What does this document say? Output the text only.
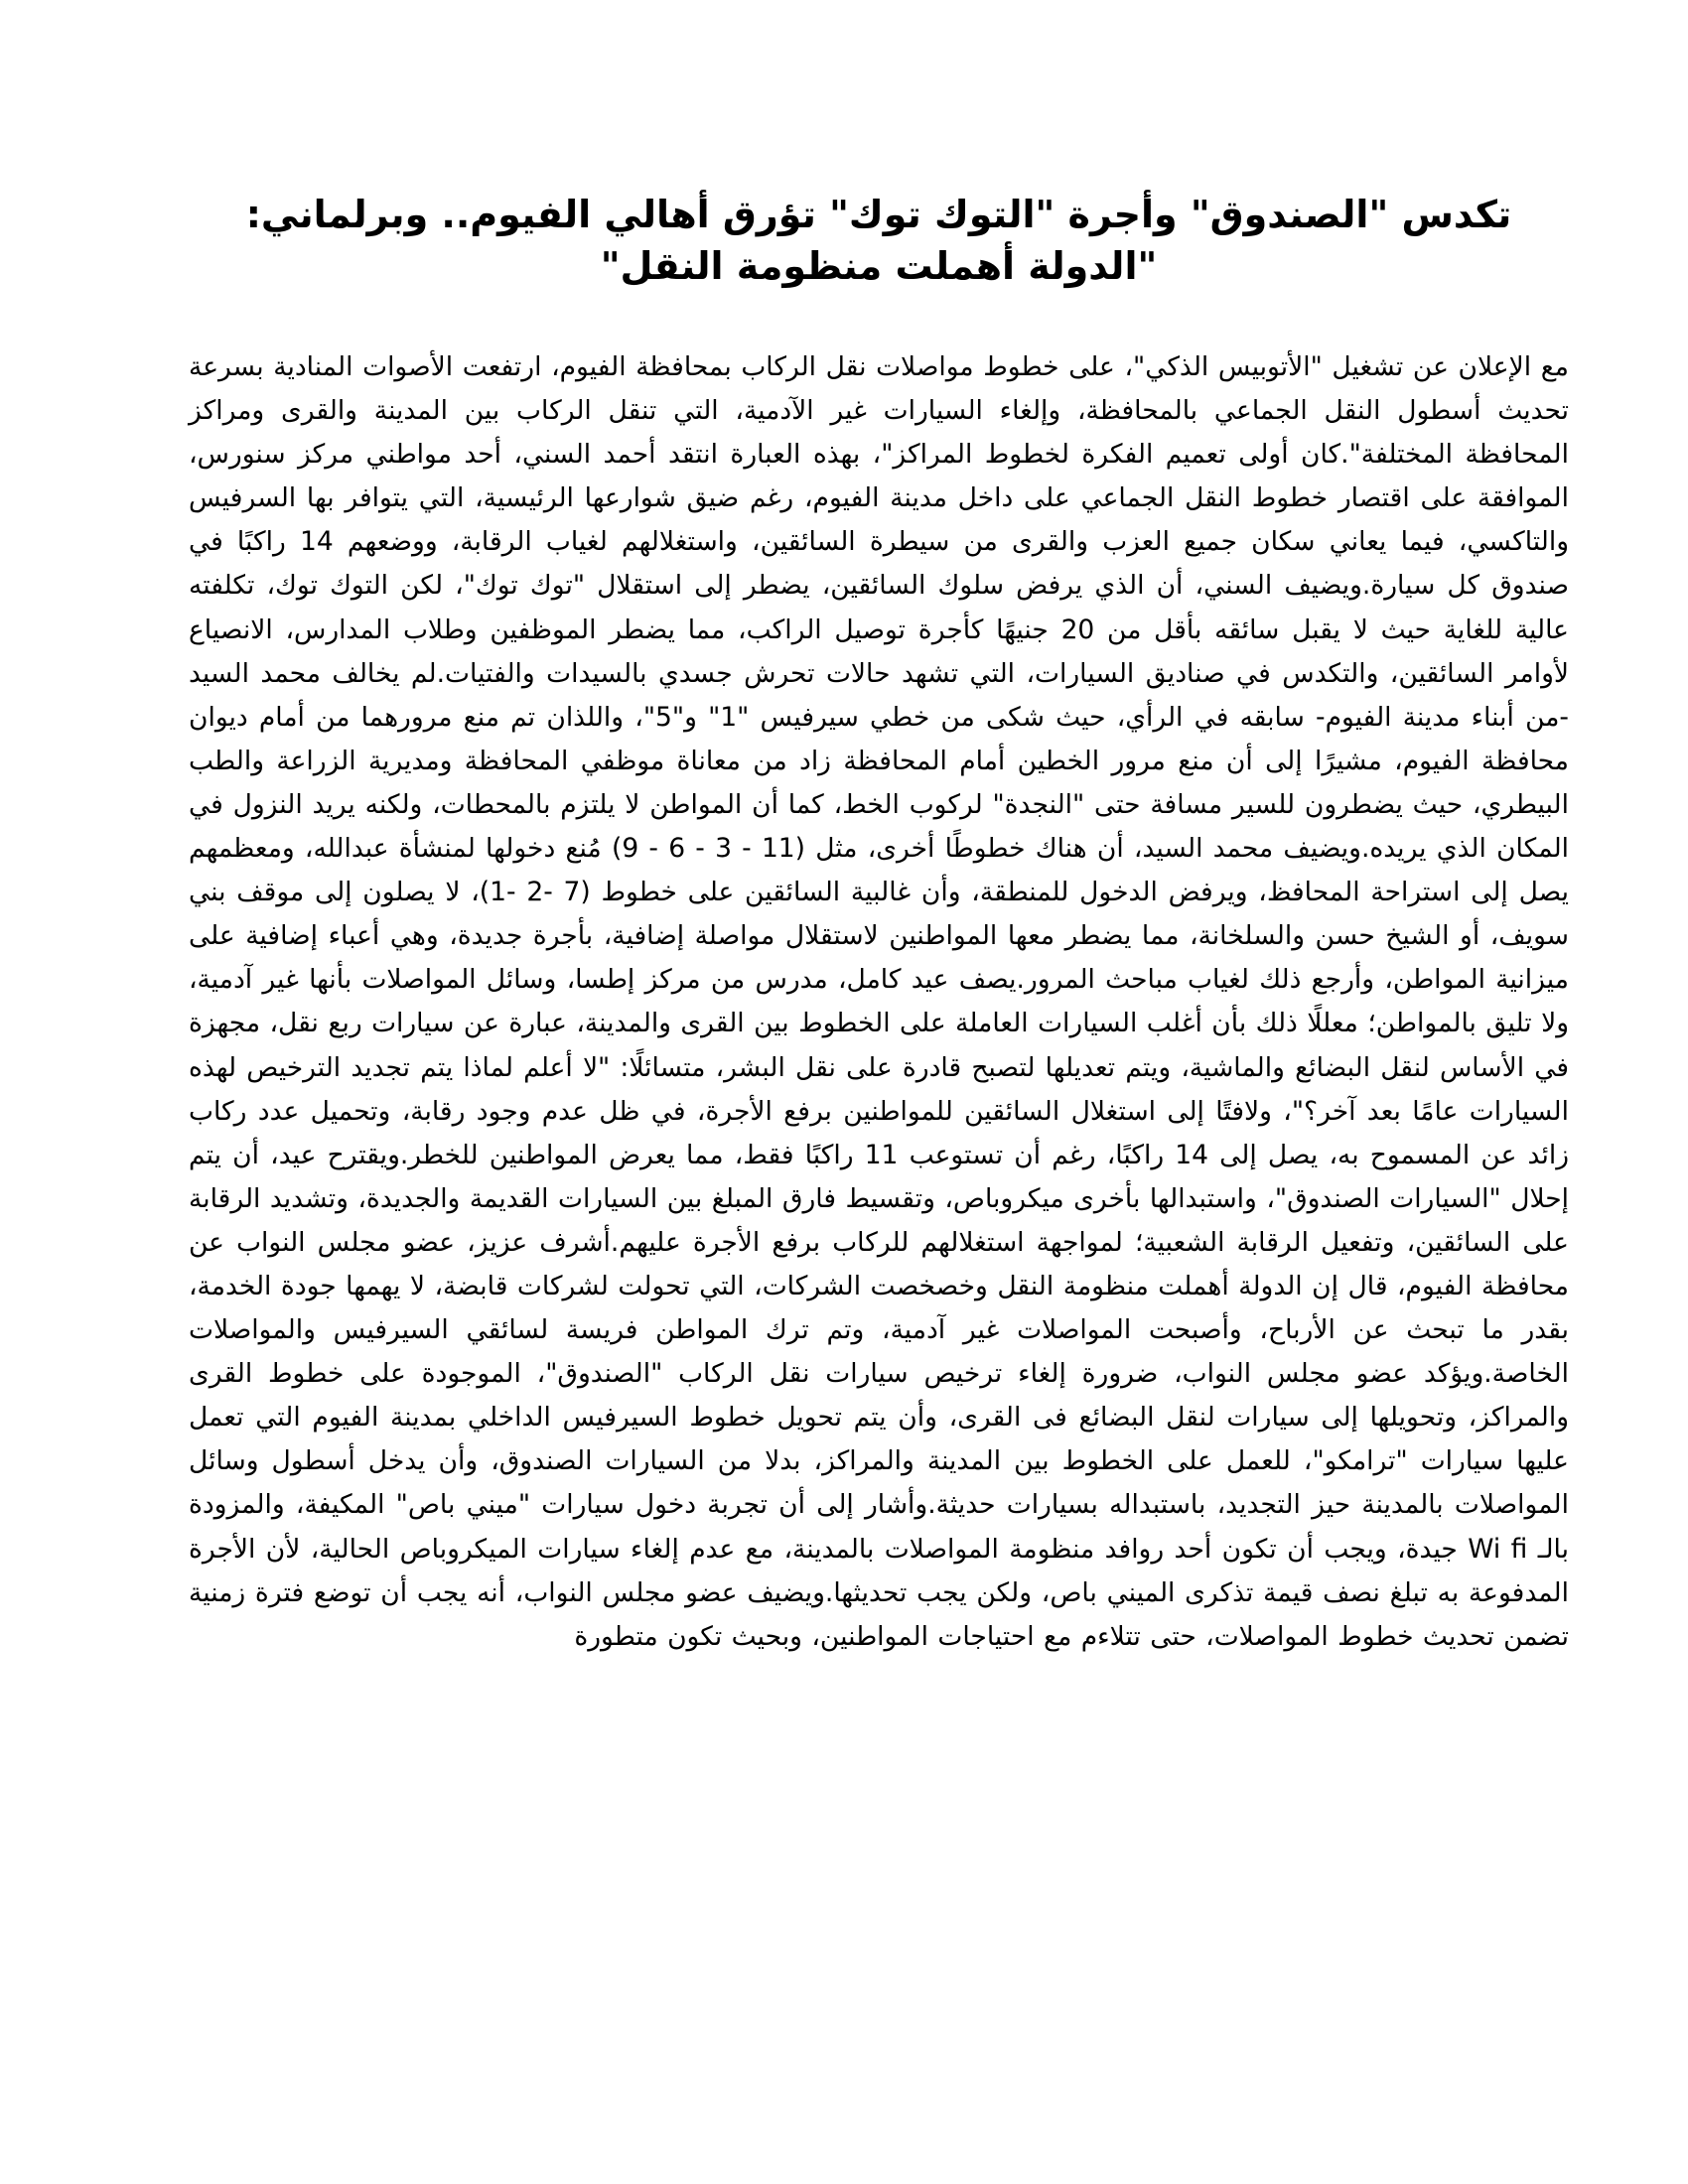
تكدس "الصندوق" وأجرة "التوك توك" تؤرق أهالي الفيوم.. وبرلماني: "الدولة أهملت منظومة النقل"

مع الإعلان عن تشغيل "الأتوبيس الذكي"، على خطوط مواصلات نقل الركاب بمحافظة الفيوم، ارتفعت الأصوات المنادية بسرعة تحديث أسطول النقل الجماعي بالمحافظة، وإلغاء السيارات غير الآدمية، التي تنقل الركاب بين المدينة والقرى ومراكز المحافظة المختلفة".كان أولى تعميم الفكرة لخطوط المراكز"، بهذه العبارة انتقد أحمد السني، أحد مواطني مركز سنورس، الموافقة على اقتصار خطوط النقل الجماعي على داخل مدينة الفيوم، رغم ضيق شوارعها الرئيسية، التي يتوافر بها السرفيس والتاكسي، فيما يعاني سكان جميع العزب والقرى من سيطرة السائقين، واستغلالهم لغياب الرقابة، ووضعهم 14 راكبًا في صندوق كل سيارة.ويضيف السني، أن الذي يرفض سلوك السائقين، يضطر إلى استقلال "توك توك"، لكن التوك توك، تكلفته عالية للغاية حيث لا يقبل سائقه بأقل من 20 جنيهًا كأجرة توصيل الراكب، مما يضطر الموظفين وطلاب المدارس، الانصياع لأوامر السائقين، والتكدس في صناديق السيارات، التي تشهد حالات تحرش جسدي بالسيدات والفتيات.لم يخالف محمد السيد -من أبناء مدينة الفيوم- سابقه في الرأي، حيث شكى من خطي سيرفيس "1" و"5"، واللذان تم منع مرورهما من أمام ديوان محافظة الفيوم، مشيرًا إلى أن منع مرور الخطين أمام المحافظة زاد من معاناة موظفي المحافظة ومديرية الزراعة والطب البيطري، حيث يضطرون للسير مسافة حتى "النجدة" لركوب الخط، كما أن المواطن لا يلتزم بالمحطات، ولكنه يريد النزول في المكان الذي يريده.ويضيف محمد السيد، أن هناك خطوطًا أخرى، مثل (11 - 3 - 6 - 9) مُنع دخولها لمنشأة عبدالله، ومعظمهم يصل إلى استراحة المحافظ، ويرفض الدخول للمنطقة، وأن غالبية السائقين على خطوط (7 -2 -1)، لا يصلون إلى موقف بني سويف، أو الشيخ حسن والسلخانة، مما يضطر معها المواطنين لاستقلال مواصلة إضافية، بأجرة جديدة، وهي أعباء إضافية على ميزانية المواطن، وأرجع ذلك لغياب مباحث المرور.يصف عيد كامل، مدرس من مركز إطسا، وسائل المواصلات بأنها غير آدمية، ولا تليق بالمواطن؛ معللًا ذلك بأن أغلب السيارات العاملة على الخطوط بين القرى والمدينة، عبارة عن سيارات ربع نقل، مجهزة في الأساس لنقل البضائع والماشية، ويتم تعديلها لتصبح قادرة على نقل البشر، متسائلًا: "لا أعلم لماذا يتم تجديد الترخيص لهذه السيارات عامًا بعد آخر؟"، ولافتًا إلى استغلال السائقين للمواطنين برفع الأجرة، في ظل عدم وجود رقابة، وتحميل عدد ركاب زائد عن المسموح به، يصل إلى 14 راكبًا، رغم أن تستوعب 11 راكبًا فقط، مما يعرض المواطنين للخطر.ويقترح عيد، أن يتم إحلال "السيارات الصندوق"، واستبدالها بأخرى ميكروباص، وتقسيط فارق المبلغ بين السيارات القديمة والجديدة، وتشديد الرقابة على السائقين، وتفعيل الرقابة الشعبية؛ لمواجهة استغلالهم للركاب برفع الأجرة عليهم.أشرف عزيز، عضو مجلس النواب عن محافظة الفيوم، قال إن الدولة أهملت منظومة النقل وخصخصت الشركات، التي تحولت لشركات قابضة، لا يهمها جودة الخدمة، بقدر ما تبحث عن الأرباح، وأصبحت المواصلات غير آدمية، وتم ترك المواطن فريسة لسائقي السيرفيس والمواصلات الخاصة.ويؤكد عضو مجلس النواب، ضرورة إلغاء ترخيص سيارات نقل الركاب "الصندوق"، الموجودة على خطوط القرى والمراكز، وتحويلها إلى سيارات لنقل البضائع فى القرى، وأن يتم تحويل خطوط السيرفيس الداخلي بمدينة الفيوم التي تعمل عليها سيارات "ترامكو"، للعمل على الخطوط بين المدينة والمراكز، بدلا من السيارات الصندوق، وأن يدخل أسطول وسائل المواصلات بالمدينة حيز التجديد، باستبداله بسيارات حديثة.وأشار إلى أن تجربة دخول سيارات "ميني باص" المكيفة، والمزودة بالـ Wi fi جيدة، ويجب أن تكون أحد روافد منظومة المواصلات بالمدينة، مع عدم إلغاء سيارات الميكروباص الحالية، لأن الأجرة المدفوعة به تبلغ نصف قيمة تذكرى الميني باص، ولكن يجب تحديثها.ويضيف عضو مجلس النواب، أنه يجب أن توضع فترة زمنية تضمن تحديث خطوط المواصلات، حتى تتلاءم مع احتياجات المواطنين، وبحيث تكون متطورة
